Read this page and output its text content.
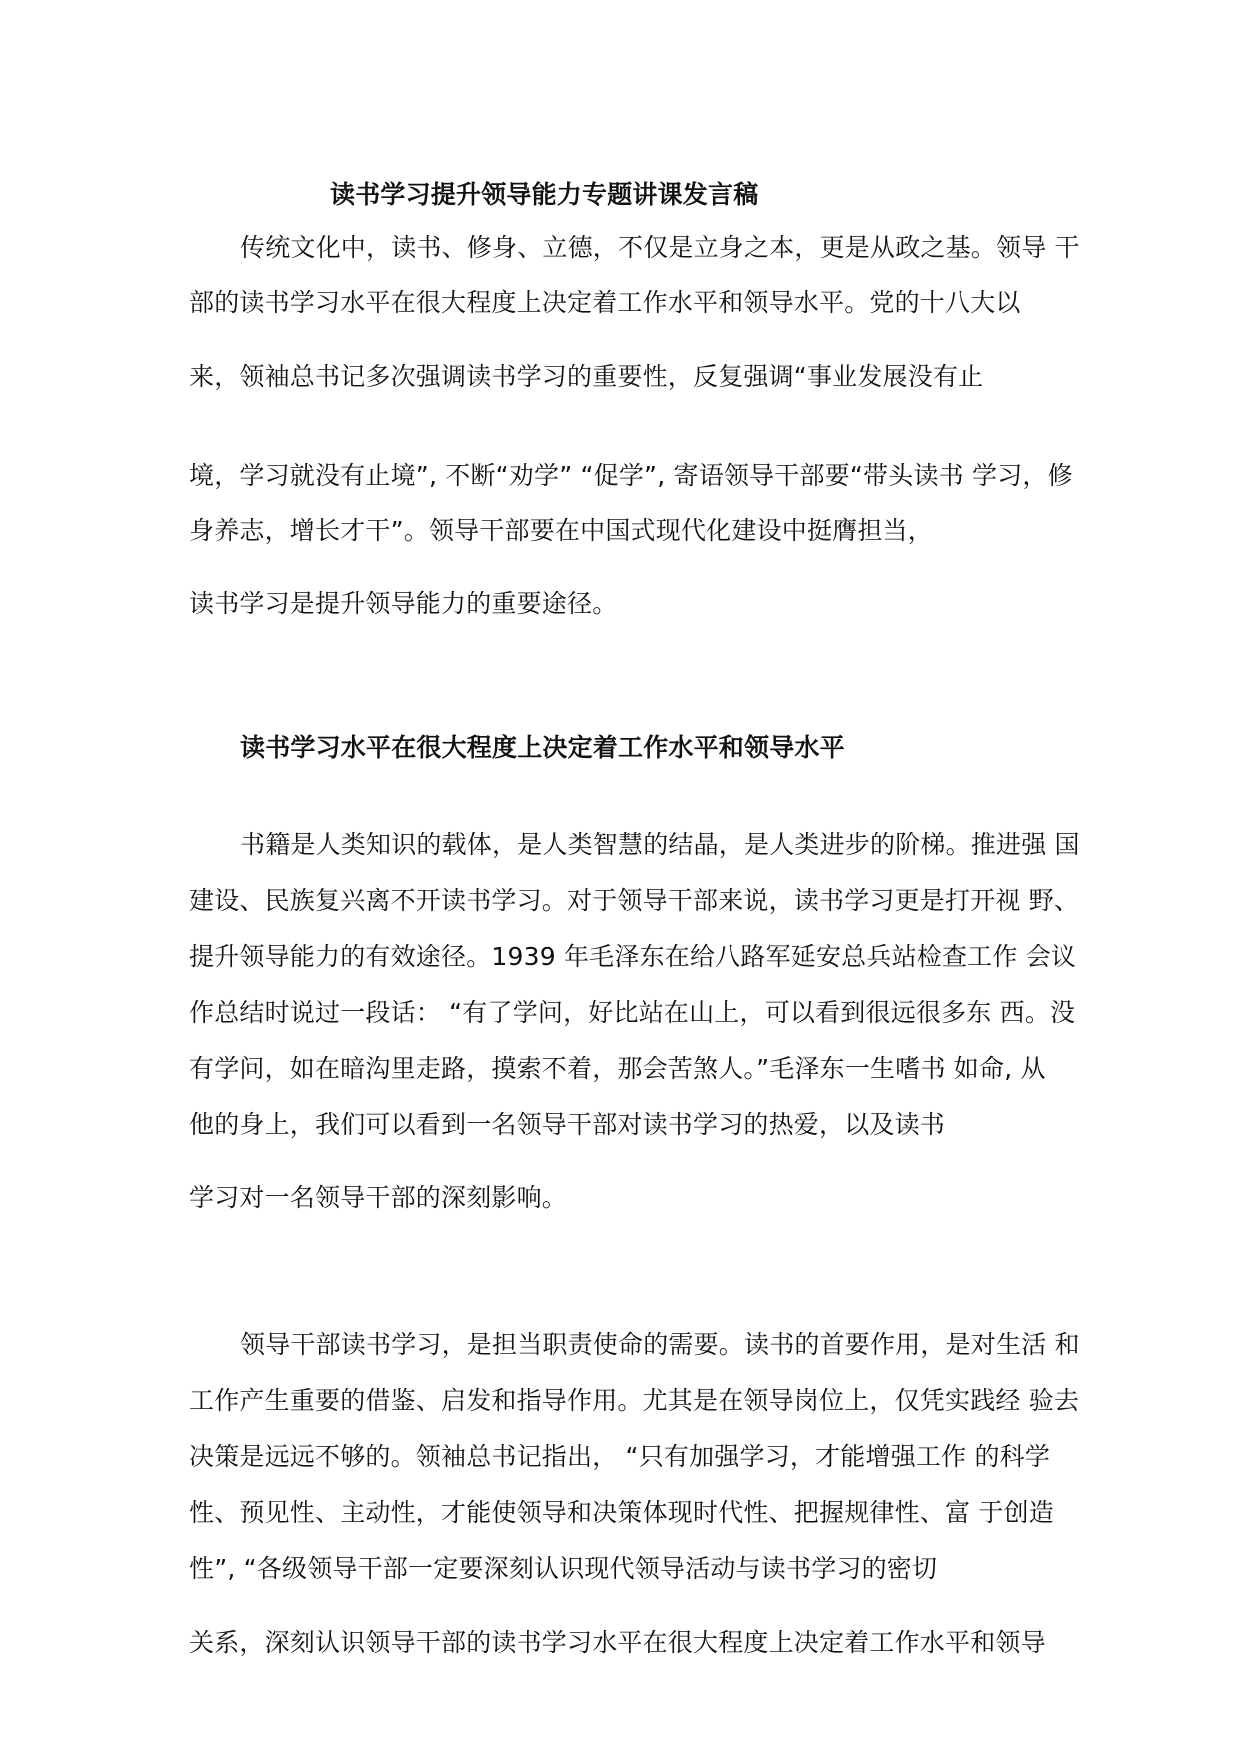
读书学习提升领导能力专题讲课发言稿
传统文化中，读书、修身、立德，不仅是立身之本，更是从政之基。领导 干
部的读书学习水平在很大程度上决定着工作水平和领导水平。党的十八大以
来，领袖总书记多次强调读书学习的重要性，反复强调“事业发展没有止
境，学习就没有止境”, 不断“劝学” “促学”, 寄语领导干部要“带头读书 学习，修
身养志，增长才干”。领导干部要在中国式现代化建设中挺膺担当，
读书学习是提升领导能力的重要途径。
读书学习水平在很大程度上决定着工作水平和领导水平
书籍是人类知识的载体，是人类智慧的结晶，是人类进步的阶梯。推进强 国
建设、民族复兴离不开读书学习。对于领导干部来说，读书学习更是打开视 野、
提升领导能力的有效途径。1939 年毛泽东在给八路军延安总兵站检查工作 会议
作总结时说过一段话： “有了学问，好比站在山上，可以看到很远很多东 西。没
有学问，如在暗沟里走路，摸索不着，那会苦煞人。”毛泽东一生嗜书 如命, 从
他的身上，我们可以看到一名领导干部对读书学习的热爱，以及读书
学习对一名领导干部的深刻影响。
领导干部读书学习，是担当职责使命的需要。读书的首要作用，是对生活 和
工作产生重要的借鉴、启发和指导作用。尤其是在领导岗位上，仅凭实践经 验去
决策是远远不够的。领袖总书记指出， “只有加强学习，才能增强工作 的科学
性、预见性、主动性，才能使领导和决策体现时代性、把握规律性、富 于创造
性”, “各级领导干部一定要深刻认识现代领导活动与读书学习的密切
关系，深刻认识领导干部的读书学习水平在很大程度上决定着工作水平和领导
